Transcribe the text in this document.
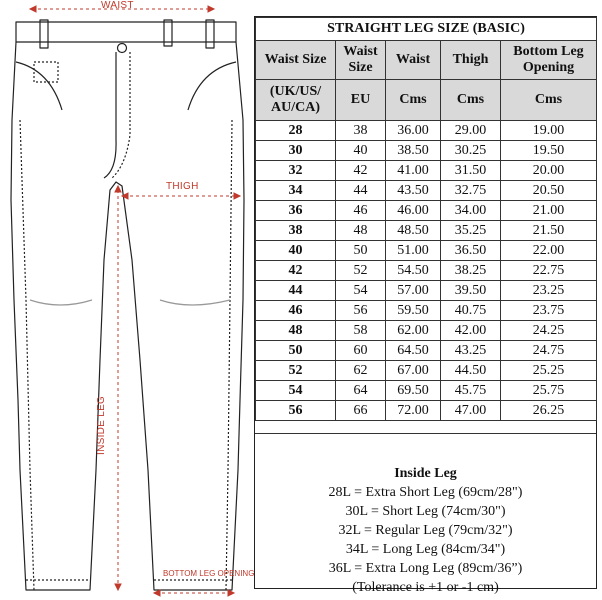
WAIST
THIGH
INSIDE LEG
BOTTOM LEG OPENING
STRAIGHT LEG SIZE (BASIC)				
Waist Size	Waist Size	Waist	Thigh	Bottom Leg Opening
(UK/US/ AU/CA)	EU	Cms	Cms	Cms
28	38	36.00	29.00	19.00
30	40	38.50	30.25	19.50
32	42	41.00	31.50	20.00
34	44	43.50	32.75	20.50
36	46	46.00	34.00	21.00
38	48	48.50	35.25	21.50
40	50	51.00	36.50	22.00
42	52	54.50	38.25	22.75
44	54	57.00	39.50	23.25
46	56	59.50	40.75	23.75
48	58	62.00	42.00	24.25
50	60	64.50	43.25	24.75
52	62	67.00	44.50	25.25
54	64	69.50	45.75	25.75
56	66	72.00	47.00	26.25
Inside Leg
28L = Extra Short Leg (69cm/28")
30L = Short Leg (74cm/30")
32L = Regular Leg (79cm/32")
34L = Long Leg (84cm/34")
36L = Extra Long Leg (89cm/36”)
(Tolerance is +1 or -1 cm)
